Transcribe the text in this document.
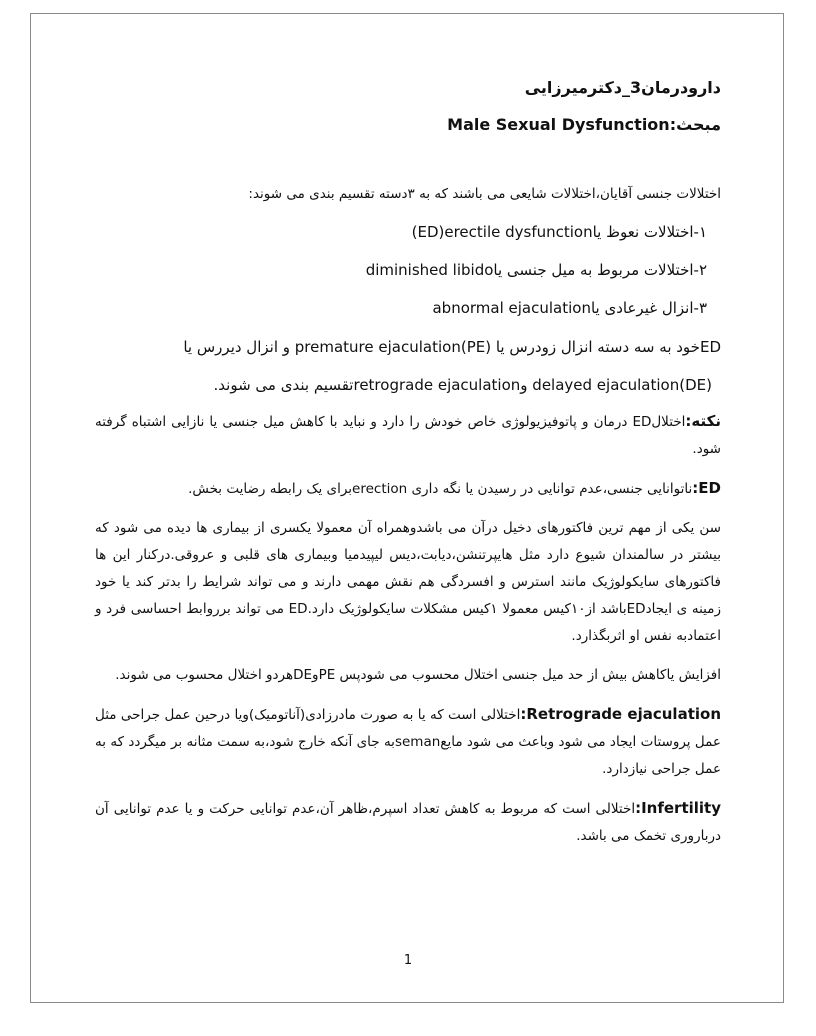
دارودرمان3_دکترمیرزایی

مبحث:Male Sexual Dysfunction

اختلالات جنسی آقایان،اختلالات شایعی می باشند که به ۳دسته تقسیم بندی می شوند:

۱-اختلالات نعوظ یاerectile dysfunction(ED)

۲-اختلالات مربوط به میل جنسی یاdiminished libido

۳-انزال غیرعادی یاabnormal ejaculation

EDخود به سه دسته انزال زودرس یا (PE)premature ejaculation و انزال دیررس یا

(DE)delayed ejaculation وretrograde ejaculationتقسیم بندی می شوند.

نکته:اختلالED درمان و پاتوفیزیولوژی خاص خودش را دارد و نباید با کاهش میل جنسی یا نازایی اشتباه گرفته شود.

ED:ناتوانایی جنسی،عدم توانایی در رسیدن یا نگه داری erectionبرای یک رابطه رضایت بخش.

سن یکی از مهم ترین فاکتورهای دخیل درآن می باشدوهمراه آن معمولا یکسری از بیماری ها دیده می شود که بیشتر در سالمندان شیوع دارد مثل هایپرتنشن،دیابت،دیس لیپیدمیا وبیماری های قلبی و عروقی.درکنار این ها فاکتورهای سایکولوژیک مانند استرس و افسردگی هم نقش مهمی دارند و می تواند شرایط را بدتر کند یا خود زمینه ی ایجادEDباشد از۱۰کیس معمولا ۱کیس مشکلات سایکولوژیک دارد.ED می تواند برروابط احساسی فرد و اعتمادبه نفس او اثربگذارد.

افزایش یاکاهش بیش از حد میل جنسی اختلال محسوب می شودپس PEوDEهردو اختلال محسوب می شوند.

Retrograde ejaculation:اختلالی است که یا به صورت مادرزادی(آناتومیک)ویا درحین عمل جراحی مثل عمل پروستات ایجاد می شود وباعث می شود مایعsemanبه جای آنکه خارج شود،به سمت مثانه بر میگردد که به عمل جراحی نیازدارد.

Infertility:اختلالی است که مربوط به کاهش تعداد اسپرم،ظاهر آن،عدم توانایی حرکت و یا عدم توانایی آن درباروری تخمک می باشد.

1
